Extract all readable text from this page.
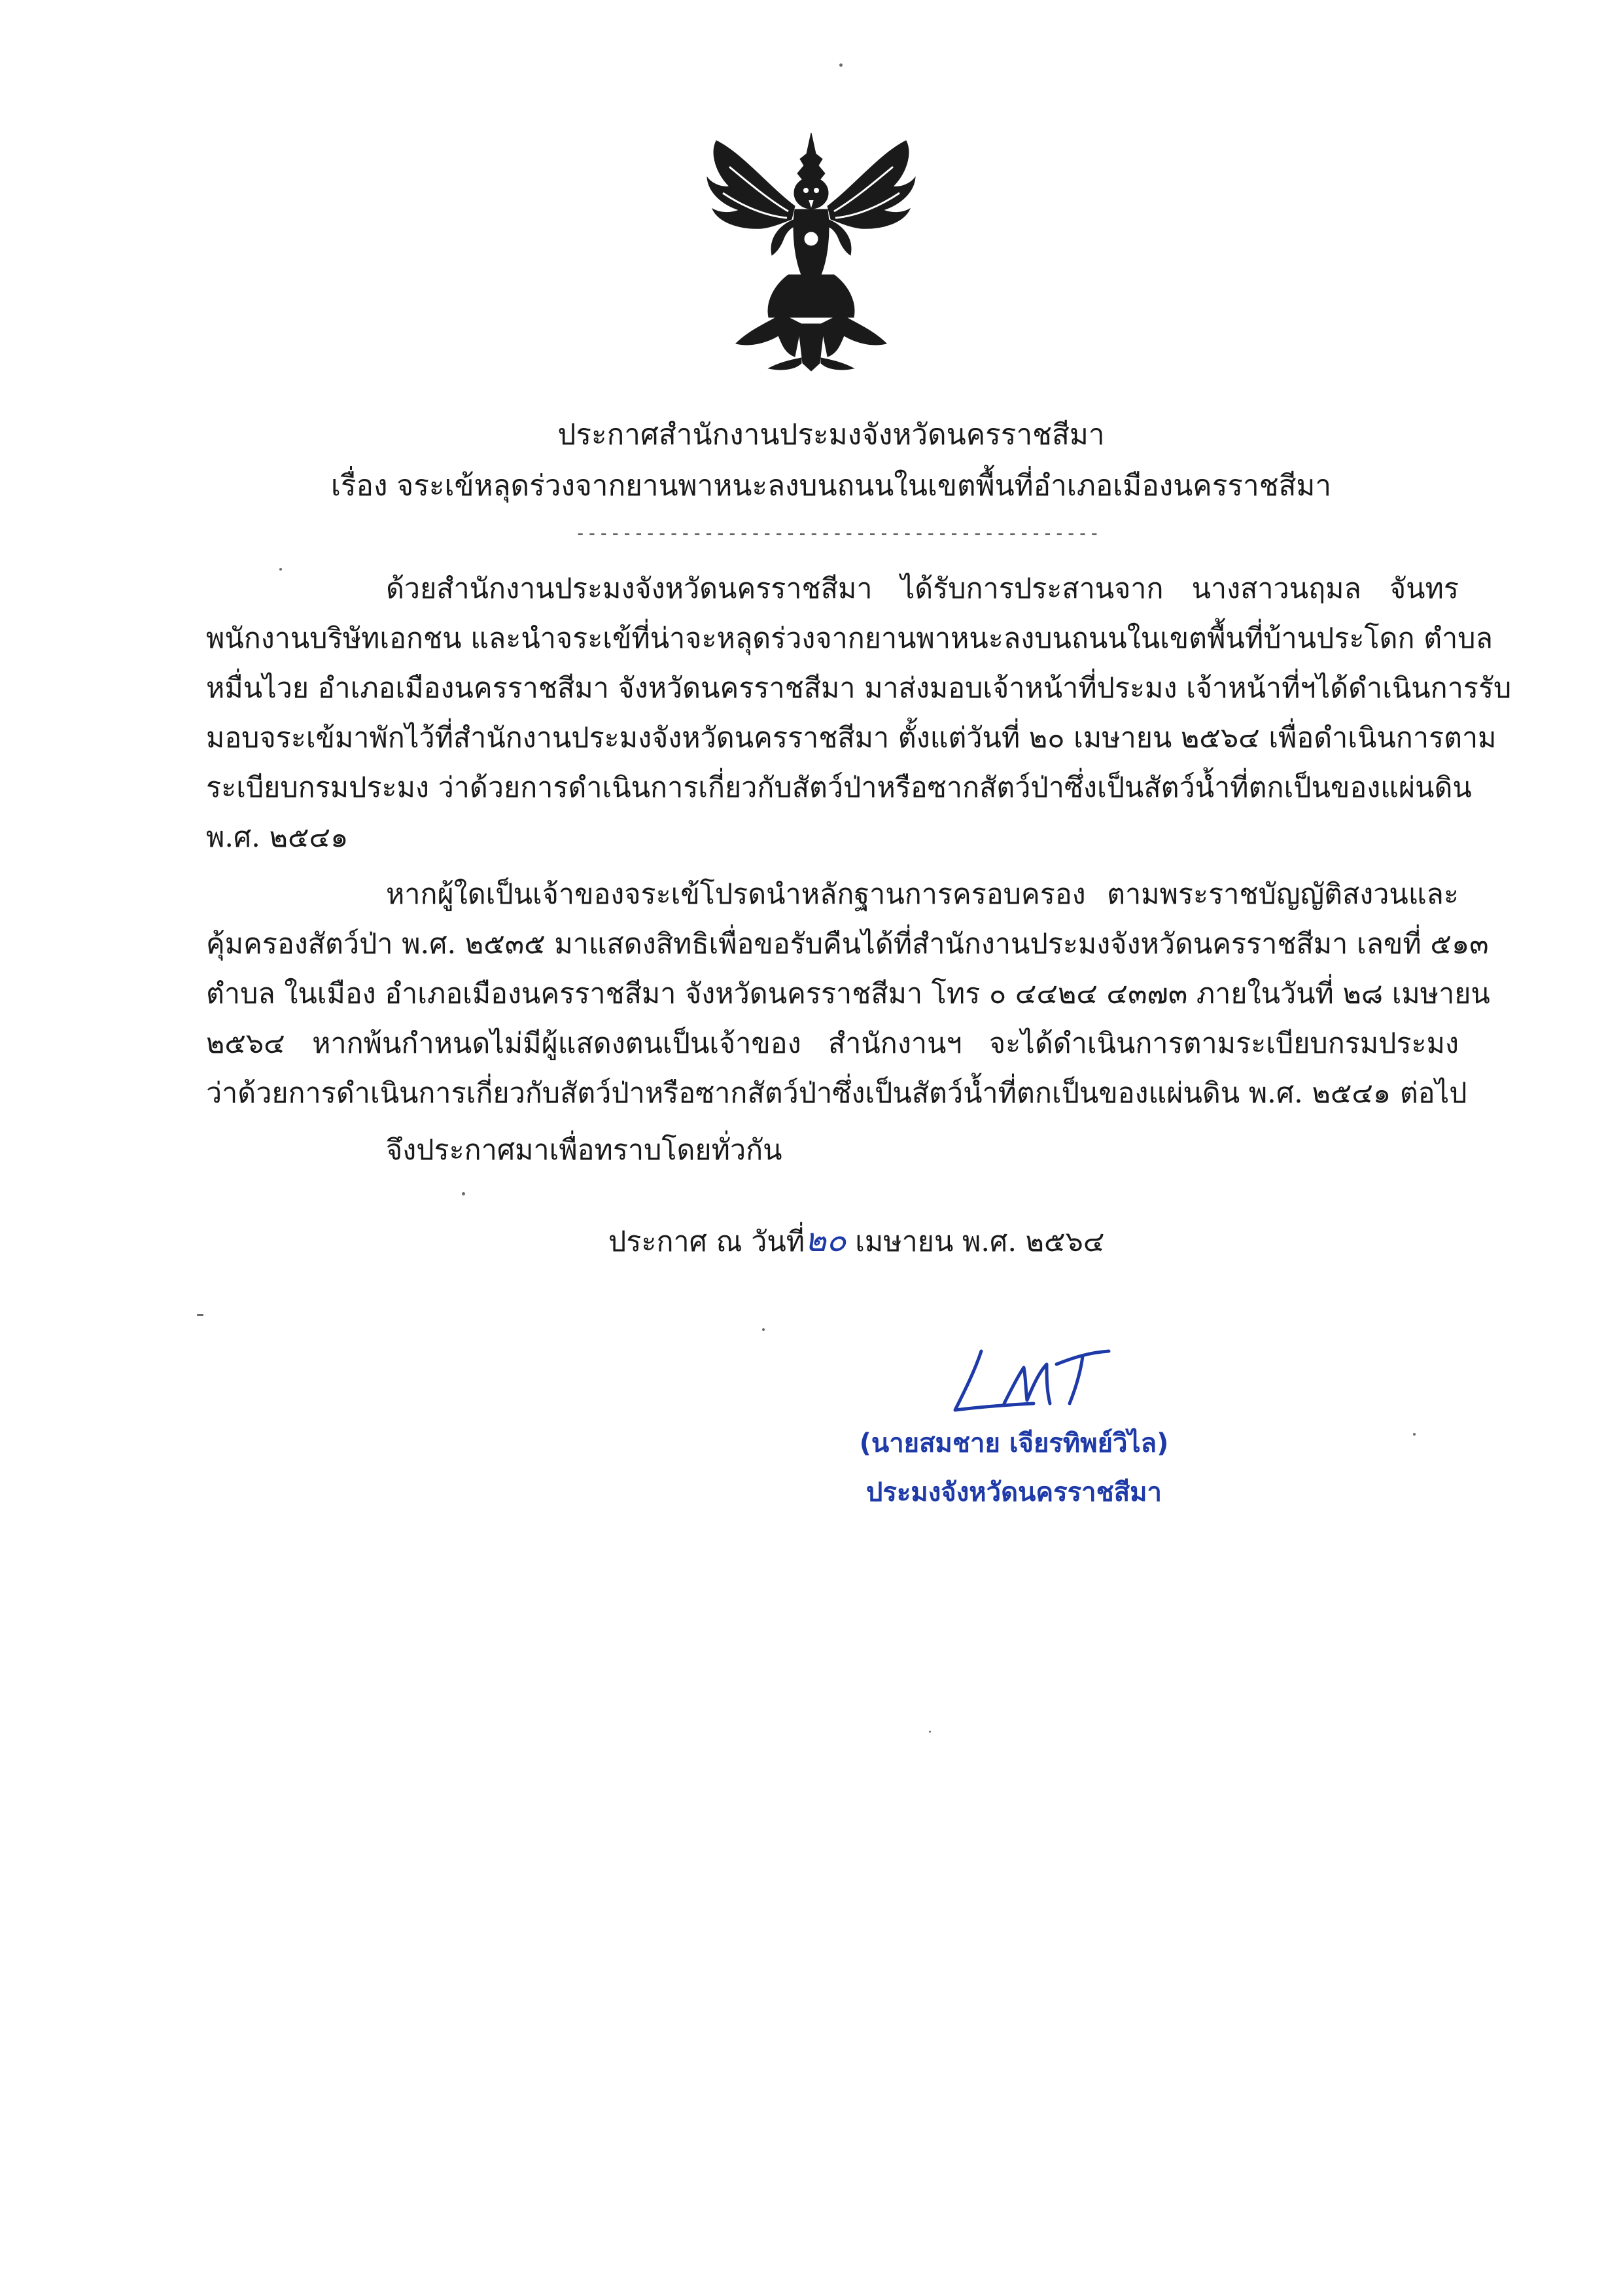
ประกาศสำนักงานประมงจังหวัดนครราชสีมา
เรื่อง จระเข้หลุดร่วงจากยานพาหนะลงบนถนนในเขตพื้นที่อำเภอเมืองนครราชสีมา
---------------------------------------------
ด้วยสำนักงานประมงจังหวัดนครราชสีมา ได้รับการประสานจาก นางสาวนฤมล จันทร
พนักงานบริษัทเอกชน และนำจระเข้ที่น่าจะหลุดร่วงจากยานพาหนะลงบนถนนในเขตพื้นที่บ้านประโดก ตำบล
หมื่นไวย อำเภอเมืองนครราชสีมา จังหวัดนครราชสีมา มาส่งมอบเจ้าหน้าที่ประมง เจ้าหน้าที่ฯได้ดำเนินการรับ
มอบจระเข้มาพักไว้ที่สำนักงานประมงจังหวัดนครราชสีมา ตั้งแต่วันที่ ๒๐ เมษายน ๒๕๖๔ เพื่อดำเนินการตาม
ระเบียบกรมประมง ว่าด้วยการดำเนินการเกี่ยวกับสัตว์ป่าหรือซากสัตว์ป่าซึ่งเป็นสัตว์น้ำที่ตกเป็นของแผ่นดิน
พ.ศ. ๒๕๔๑
หากผู้ใดเป็นเจ้าของจระเข้โปรดนำหลักฐานการครอบครอง ตามพระราชบัญญัติสงวนและ
คุ้มครองสัตว์ป่า พ.ศ. ๒๕๓๕ มาแสดงสิทธิเพื่อขอรับคืนได้ที่สำนักงานประมงจังหวัดนครราชสีมา เลขที่ ๕๑๓
ตำบล ในเมือง อำเภอเมืองนครราชสีมา จังหวัดนครราชสีมา โทร ๐ ๔๔๒๔ ๔๓๗๓ ภายในวันที่ ๒๘ เมษายน
๒๕๖๔ หากพ้นกำหนดไม่มีผู้แสดงตนเป็นเจ้าของ สำนักงานฯ จะได้ดำเนินการตามระเบียบกรมประมง
ว่าด้วยการดำเนินการเกี่ยวกับสัตว์ป่าหรือซากสัตว์ป่าซึ่งเป็นสัตว์น้ำที่ตกเป็นของแผ่นดิน พ.ศ. ๒๕๔๑ ต่อไป
จึงประกาศมาเพื่อทราบโดยทั่วกัน
ประกาศ ณ วันที่๒๐ เมษายน พ.ศ. ๒๕๖๔
(นายสมชาย เจียรทิพย์วิไล)
ประมงจังหวัดนครราชสีมา
